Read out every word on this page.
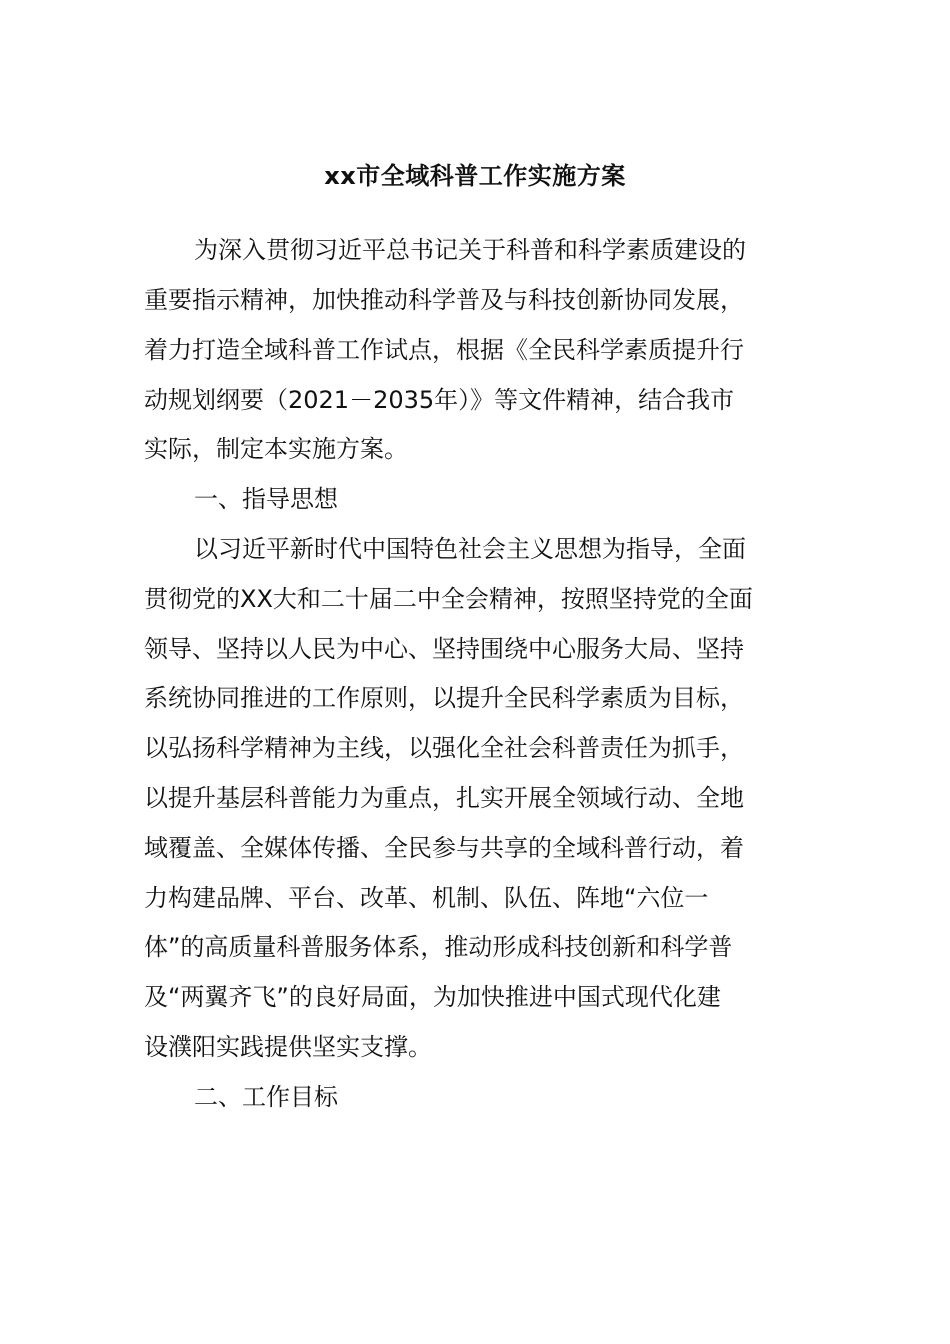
xx市全域科普工作实施方案
为深入贯彻习近平总书记关于科普和科学素质建设的
重要指示精神，加快推动科学普及与科技创新协同发展，
着力打造全域科普工作试点，根据《全民科学素质提升行
动规划纲要（2021－2035年）》等文件精神，结合我市
实际，制定本实施方案。
一、指导思想
以习近平新时代中国特色社会主义思想为指导，全面
贯彻党的XX大和二十届二中全会精神，按照坚持党的全面
领导、坚持以人民为中心、坚持围绕中心服务大局、坚持
系统协同推进的工作原则，以提升全民科学素质为目标，
以弘扬科学精神为主线，以强化全社会科普责任为抓手，
以提升基层科普能力为重点，扎实开展全领域行动、全地
域覆盖、全媒体传播、全民参与共享的全域科普行动，着
力构建品牌、平台、改革、机制、队伍、阵地“六位一
体”的高质量科普服务体系，推动形成科技创新和科学普
及“两翼齐飞”的良好局面，为加快推进中国式现代化建
设濮阳实践提供坚实支撑。
二、工作目标
